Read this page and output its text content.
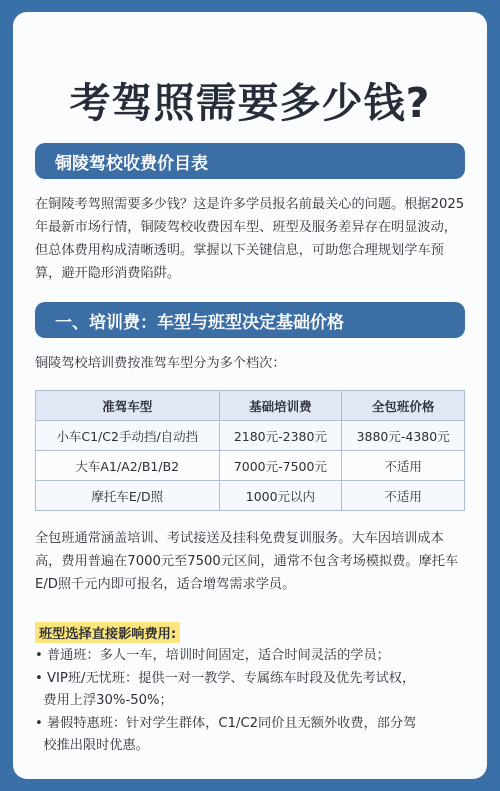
考驾照需要多少钱?
铜陵驾校收费价目表

在铜陵考驾照需要多少钱？这是许多学员报名前最关心的问题。根据2025年最新市场行情，铜陵驾校收费因车型、班型及服务差异存在明显波动，但总体费用构成清晰透明。掌握以下关键信息，可助您合理规划学车预算，避开隐形消费陷阱。

一、培训费：车型与班型决定基础价格

铜陵驾校培训费按准驾车型分为多个档次：

准驾车型	基础培训费	全包班价格
小车C1/C2手动挡/自动挡	2180元-2380元	3880元-4380元
大车A1/A2/B1/B2	7000元-7500元	不适用
摩托车E/D照	1000元以内	不适用

全包班通常涵盖培训、考试接送及挂科免费复训服务。大车因培训成本高，费用普遍在7000元至7500元区间，通常不包含考场模拟费。摩托车E/D照千元内即可报名，适合增驾需求学员。

班型选择直接影响费用:
• 普通班：多人一车，培训时间固定，适合时间灵活的学员；
• VIP班/无忧班：提供一对一教学、专属练车时段及优先考试权，
费用上浮30%-50%；
• 暑假特惠班：针对学生群体，C1/C2同价且无额外收费，部分驾
校推出限时优惠。
